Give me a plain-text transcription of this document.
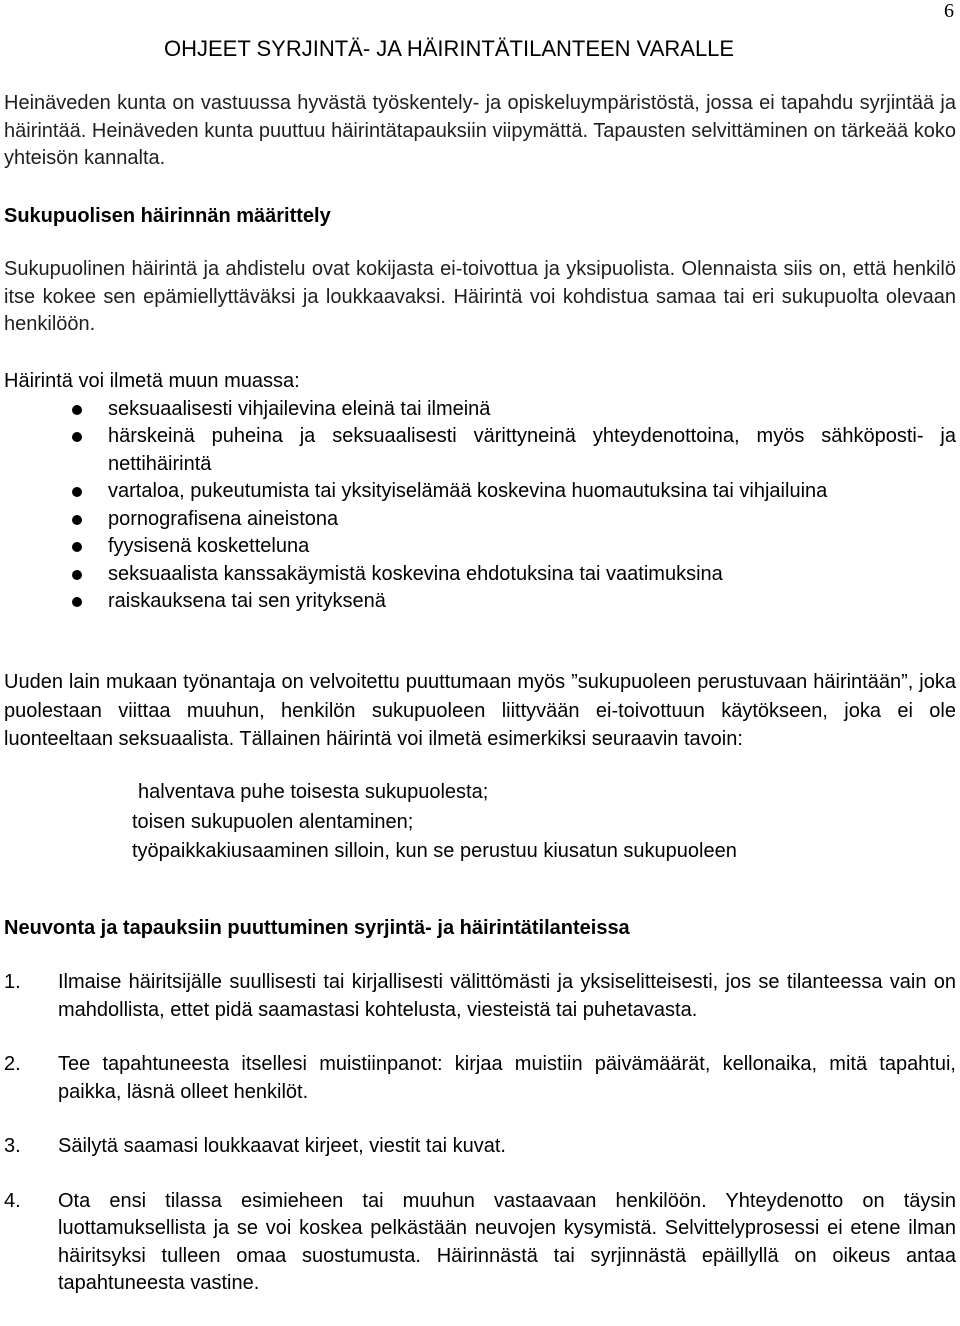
6
OHJEET SYRJINTÄ- JA HÄIRINTÄTILANTEEN VARALLE
Heinäveden kunta on vastuussa hyvästä työskentely- ja opiskeluympäristöstä, jossa ei tapahdu syrjintää ja häirintää. Heinäveden kunta puuttuu häirintätapauksiin viipymättä. Tapausten selvittäminen on tärkeää koko yhteisön kannalta.
Sukupuolisen häirinnän määrittely
Sukupuolinen häirintä ja ahdistelu ovat kokijasta ei-toivottua ja yksipuolista. Olennaista siis on, että henkilö itse kokee sen epämiellyttäväksi ja loukkaavaksi. Häirintä voi kohdistua samaa tai eri sukupuolta olevaan henkilöön.
Häirintä voi ilmetä muun muassa:
seksuaalisesti vihjailevina eleinä tai ilmeinä
härskeinä puheina ja seksuaalisesti värittyneinä yhteydenottoina, myös sähköposti- ja nettihäirintä
vartaloa, pukeutumista tai yksityiselämää koskevina huomautuksina tai vihjailuina
pornografisena aineistona
fyysisenä kosketteluna
seksuaalista kanssakäymistä koskevina ehdotuksina tai vaatimuksina
raiskauksena tai sen yrityksenä
Uuden lain mukaan työnantaja on velvoitettu puuttumaan myös ”sukupuoleen perustuvaan häirintään”, joka puolestaan viittaa muuhun, henkilön sukupuoleen liittyvään ei-toivottuun käytökseen, joka ei ole luonteeltaan seksuaalista. Tällainen häirintä voi ilmetä esimerkiksi seuraavin tavoin:
halventava puhe toisesta sukupuolesta;
toisen sukupuolen alentaminen;
työpaikkakiusaaminen silloin, kun se perustuu kiusatun sukupuoleen
Neuvonta ja tapauksiin puuttuminen syrjintä- ja häirintätilanteissa
1. Ilmaise häiritsijälle suullisesti tai kirjallisesti välittömästi ja yksiselitteisesti, jos se tilanteessa vain on mahdollista, ettet pidä saamastasi kohtelusta, viesteistä tai puhetavasta.
2. Tee tapahtuneesta itsellesi muistiinpanot: kirjaa muistiin päivämäärät, kellonaika, mitä tapahtui, paikka, läsnä olleet henkilöt.
3. Säilytä saamasi loukkaavat kirjeet, viestit tai kuvat.
4. Ota ensi tilassa esimieheen tai muuhun vastaavaan henkilöön. Yhteydenotto on täysin luottamuksellista ja se voi koskea pelkästään neuvojen kysymistä. Selvittelyprosessi ei etene ilman häiritsyksi tulleen omaa suostumusta. Häirinnästä tai syrjinnästä epäillyllä on oikeus antaa tapahtuneesta vastine.
